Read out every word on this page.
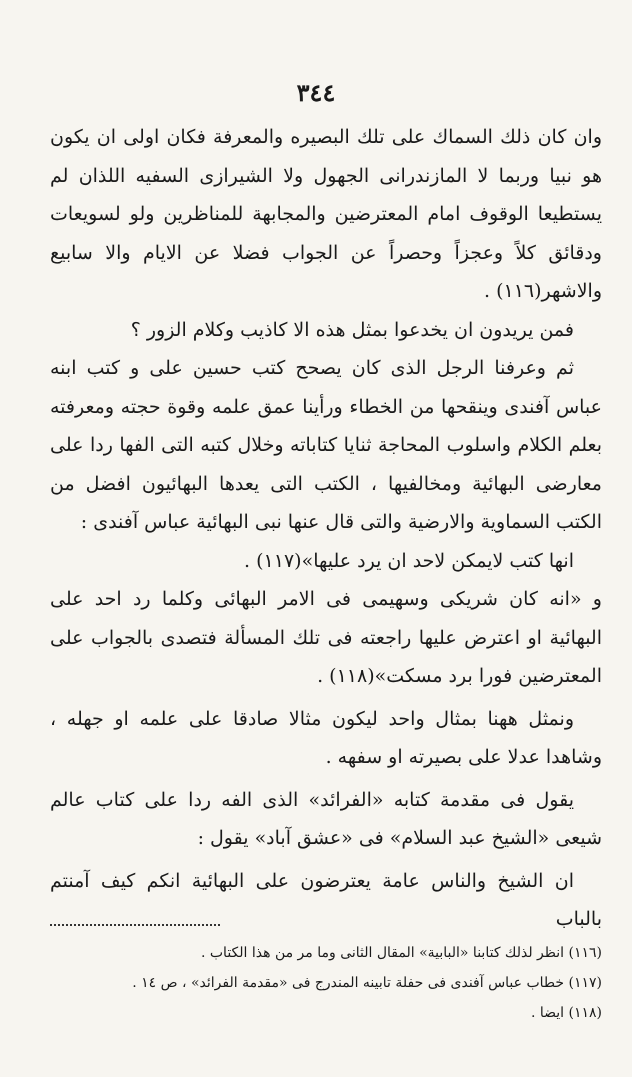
٣٤٤

وان كان ذلك السماك على تلك البصيره والمعرفة فكان اولى ان يكون هو نبيا وربما لا المازندرانى الجهول ولا الشيرازى السفيه اللذان لم يستطيعا الوقوف امام المعترضين والمجابهة للمناظرين ولو لسويعات ودقائق كلاً وعجزاً وحصراً عن الجواب فضلا عن الايام والا سابيع والاشهر(١١٦) .

فمن يريدون ان يخدعوا بمثل هذه الا كاذيب وكلام الزور ؟

ثم وعرفنا الرجل الذى كان يصحح كتب حسين على و كتب ابنه عباس آفندى وينقحها من الخطاء ورأينا عمق علمه وقوة حجته ومعرفته بعلم الكلام واسلوب المحاجة ثنايا كتاباته وخلال كتبه التى الفها ردا على معارضى البهائية ومخالفيها ، الكتب التى يعدها البهائيون افضل من الكتب السماوية والارضية والتى قال عنها نبى البهائية عباس آفندى :

انها كتب لايمكن لاحد ان يرد عليها»(١١٧) .

و «انه كان شريكى وسهيمى فى الامر البهائى وكلما رد احد على البهائية او اعترض عليها راجعته فى تلك المسألة فتصدى بالجواب على المعترضين فورا برد مسكت»(١١٨) .

ونمثل ههنا بمثال واحد ليكون مثالا صادقا على علمه او جهله ، وشاهدا عدلا على بصيرته او سفهه .

يقول فى مقدمة كتابه «الفرائد» الذى الفه ردا على كتاب عالم شيعى «الشيخ عبد السلام» فى «عشق آباد» يقول :

ان الشيخ والناس عامة يعترضون على البهائية انكم كيف آمنتم بالباب

(١١٦) انظر لذلك كتابنا «البابية» المقال الثانى وما مر من هذا الكتاب .

(١١٧) خطاب عباس آفندى فى حفلة تابينه المندرج فى «مقدمة الفرائد» ، ص ١٤ .

(١١٨) ايضا .
